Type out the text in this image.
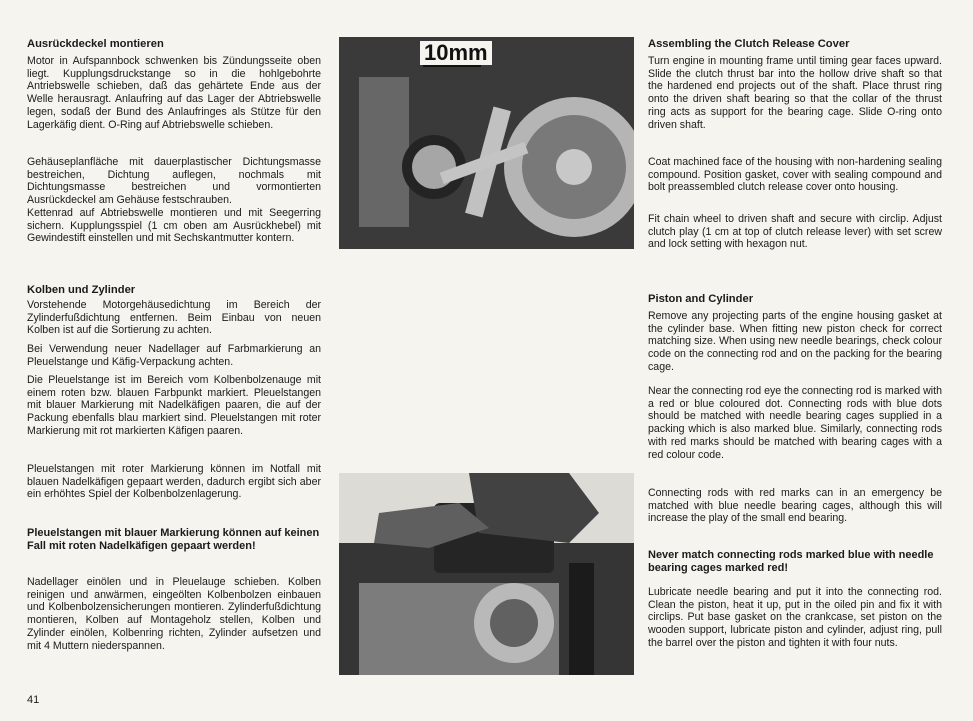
Ausrückdeckel montieren

Motor in Aufspannbock schwenken bis Zündungsseite oben liegt. Kupplungsdruckstange so in die hohlgebohrte Antriebswelle schieben, daß das gehärtete Ende aus der Welle herausragt. Anlaufring auf das Lager der Abtriebswelle legen, sodaß der Bund des Anlaufringes als Stütze für den Lagerkäfig dient. O-Ring auf Abtriebswelle schieben.

Gehäuseplanfläche mit dauerplastischer Dichtungsmasse bestreichen, Dichtung auflegen, nochmals mit Dichtungsmasse bestreichen und vormontierten Ausrückdeckel am Gehäuse festschrauben.

Kettenrad auf Abtriebswelle montieren und mit Seegerring sichern. Kupplungsspiel (1 cm oben am Ausrückhebel) mit Gewindestift einstellen und mit Sechskantmutter kontern.

Kolben und Zylinder

Vorstehende Motorgehäusedichtung im Bereich der Zylinderfußdichtung entfernen. Beim Einbau von neuen Kolben ist auf die Sortierung zu achten.

Bei Verwendung neuer Nadellager auf Farbmarkierung an Pleuelstange und Käfig-Verpackung achten.

Die Pleuelstange ist im Bereich vom Kolbenbolzenauge mit einem roten bzw. blauen Farbpunkt markiert. Pleuelstangen mit blauer Markierung mit Nadelkäfigen paaren, die auf der Packung ebenfalls blau markiert sind. Pleuelstangen mit roter Markierung mit rot markierten Käfigen paaren.

Pleuelstangen mit roter Markierung können im Notfall mit blauen Nadelkäfigen gepaart werden, dadurch ergibt sich aber ein erhöhtes Spiel der Kolbenbolzenlagerung.

Pleuelstangen mit blauer Markierung können auf keinen Fall mit roten Nadelkäfigen gepaart werden!

Nadellager einölen und in Pleuelauge schieben. Kolben reinigen und anwärmen, eingeölten Kolbenbolzen einbauen und Kolbenbolzensicherungen montieren. Zylinderfußdichtung montieren, Kolben auf Montageholz stellen, Kolben und Zylinder einölen, Kolbenring richten, Zylinder aufsetzen und mit 4 Muttern niederspannen.

10mm	Assembling the Clutch Release Cover

Turn engine in mounting frame until timing gear faces upward. Slide the clutch thrust bar into the hollow drive shaft so that the hardened end projects out of the shaft. Place thrust ring onto the driven shaft bearing so that the collar of the thrust ring acts as support for the bearing cage. Slide O-ring onto driven shaft.

Coat machined face of the housing with non-hardening sealing compound. Position gasket, cover with sealing compound and bolt preassembled clutch release cover onto housing.

Fit chain wheel to driven shaft and secure with circlip. Adjust clutch play (1 cm at top of clutch release lever) with set screw and lock setting with hexagon nut.

Piston and Cylinder

Remove any projecting parts of the engine housing gasket at the cylinder base. When fitting new piston check for correct matching size. When using new needle bearings, check colour code on the connecting rod and on the packing for the bearing cage.

Near the connecting rod eye the connecting rod is marked with a red or blue coloured dot. Connecting rods with blue dots should be matched with needle bearing cages supplied in a packing which is also marked blue. Similarly, connecting rods with red marks should be matched with bearing cages with a red colour code.

Connecting rods with red marks can in an emergency be matched with blue needle bearing cages, although this will increase the play of the small end bearing.

Never match connecting rods marked blue with needle bearing cages marked red!

Lubricate needle bearing and put it into the connecting rod. Clean the piston, heat it up, put in the oiled pin and fix it with circlips. Put base gasket on the crankcase, set piston on the wooden support, lubricate piston and cylinder, adjust ring, pull the barrel over the piston and tighten it with four nuts.

41
